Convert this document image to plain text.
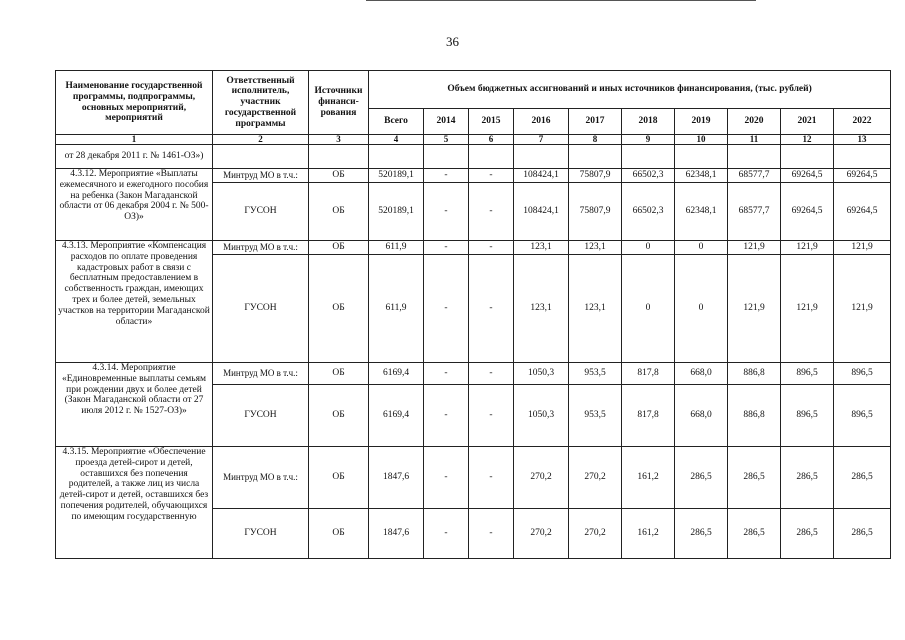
36
Наименование государственной программы, подпрограммы, основных мероприятий, мероприятий	Ответственный исполнитель, участник государственной программы	Источники финанси-рования	Объем бюджетных ассигнований и иных источников финансирования, (тыс. рублей)									
			Всего	2014	2015	2016	2017	2018	2019	2020	2021	2022
1	2	3	4	5	6	7	8	9	10	11	12	13
от 28 декабря 2011 г. № 1461-ОЗ»)												
4.3.12. Мероприятие «Выплаты ежемесячного и ежегодного пособия на ребенка (Закон Магаданской области от 06 декабря 2004 г. № 500-ОЗ)»	Минтруд МО в т.ч.:	ОБ	520189,1	-	-	108424,1	75807,9	66502,3	62348,1	68577,7	69264,5	69264,5
	ГУСОН	ОБ	520189,1	-	-	108424,1	75807,9	66502,3	62348,1	68577,7	69264,5	69264,5
4.3.13. Мероприятие «Компенсация расходов по оплате проведения кадастровых работ в связи с бесплатным предоставлением в собственность граждан, имеющих трех и более детей, земельных участков на территории Магаданской области»	Минтруд МО в т.ч.:	ОБ	611,9	-	-	123,1	123,1	0	0	121,9	121,9	121,9
	ГУСОН	ОБ	611,9	-	-	123,1	123,1	0	0	121,9	121,9	121,9
4.3.14. Мероприятие «Единовременные выплаты семьям при рождении двух и более детей (Закон Магаданской области от 27 июля 2012 г. № 1527-ОЗ)»	Минтруд МО в т.ч.:	ОБ	6169,4	-	-	1050,3	953,5	817,8	668,0	886,8	896,5	896,5
	ГУСОН	ОБ	6169,4	-	-	1050,3	953,5	817,8	668,0	886,8	896,5	896,5
4.3.15. Мероприятие «Обеспечение проезда детей-сирот и детей, оставшихся без попечения родителей, а также лиц из числа детей-сирот и детей, оставшихся без попечения родителей, обучающихся по имеющим государственную	Минтруд МО в т.ч.:	ОБ	1847,6	-	-	270,2	270,2	161,2	286,5	286,5	286,5	286,5
	ГУСОН	ОБ	1847,6	-	-	270,2	270,2	161,2	286,5	286,5	286,5	286,5
